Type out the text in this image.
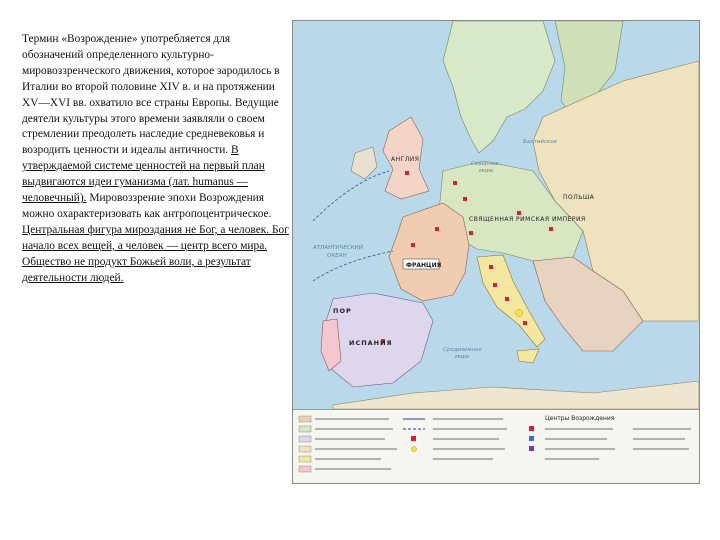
Термин «Возрождение» употребляется для обозначений определенного культурно-мировоззренческого движения, которое зародилось в Италии во второй половине XIV в. и на протяжении XV—XVI вв. охватило все страны Европы. Ведущие деятели культуры этого времени заявляли о своем стремлении преодолеть наследие средневековья и возродить ценности и идеалы античности. В утверждаемой системе ценностей на первый план выдвигаются идеи гуманизма (лат. humanus — человечный). Мировоззрение эпохи Возрождения можно охарактеризовать как антропоцентрическое. Центральная фигура мироздания не Бог, а человек. Бог начало всех вещей, а человек — центр всего мира. Общество не продукт Божьей воли, а результат деятельности людей.

Северное
море
Балтийское
АТЛАНТИЧЕСКИЙ
ОКЕАН
Средиземное
море
АНГЛИЯ
СВЯЩЕННАЯ РИМСКАЯ ИМПЕРИЯ
ПОЛЬША
ФРАНЦИЯ
ИСПАНИЯ
ПОР
Центры Возрождения
